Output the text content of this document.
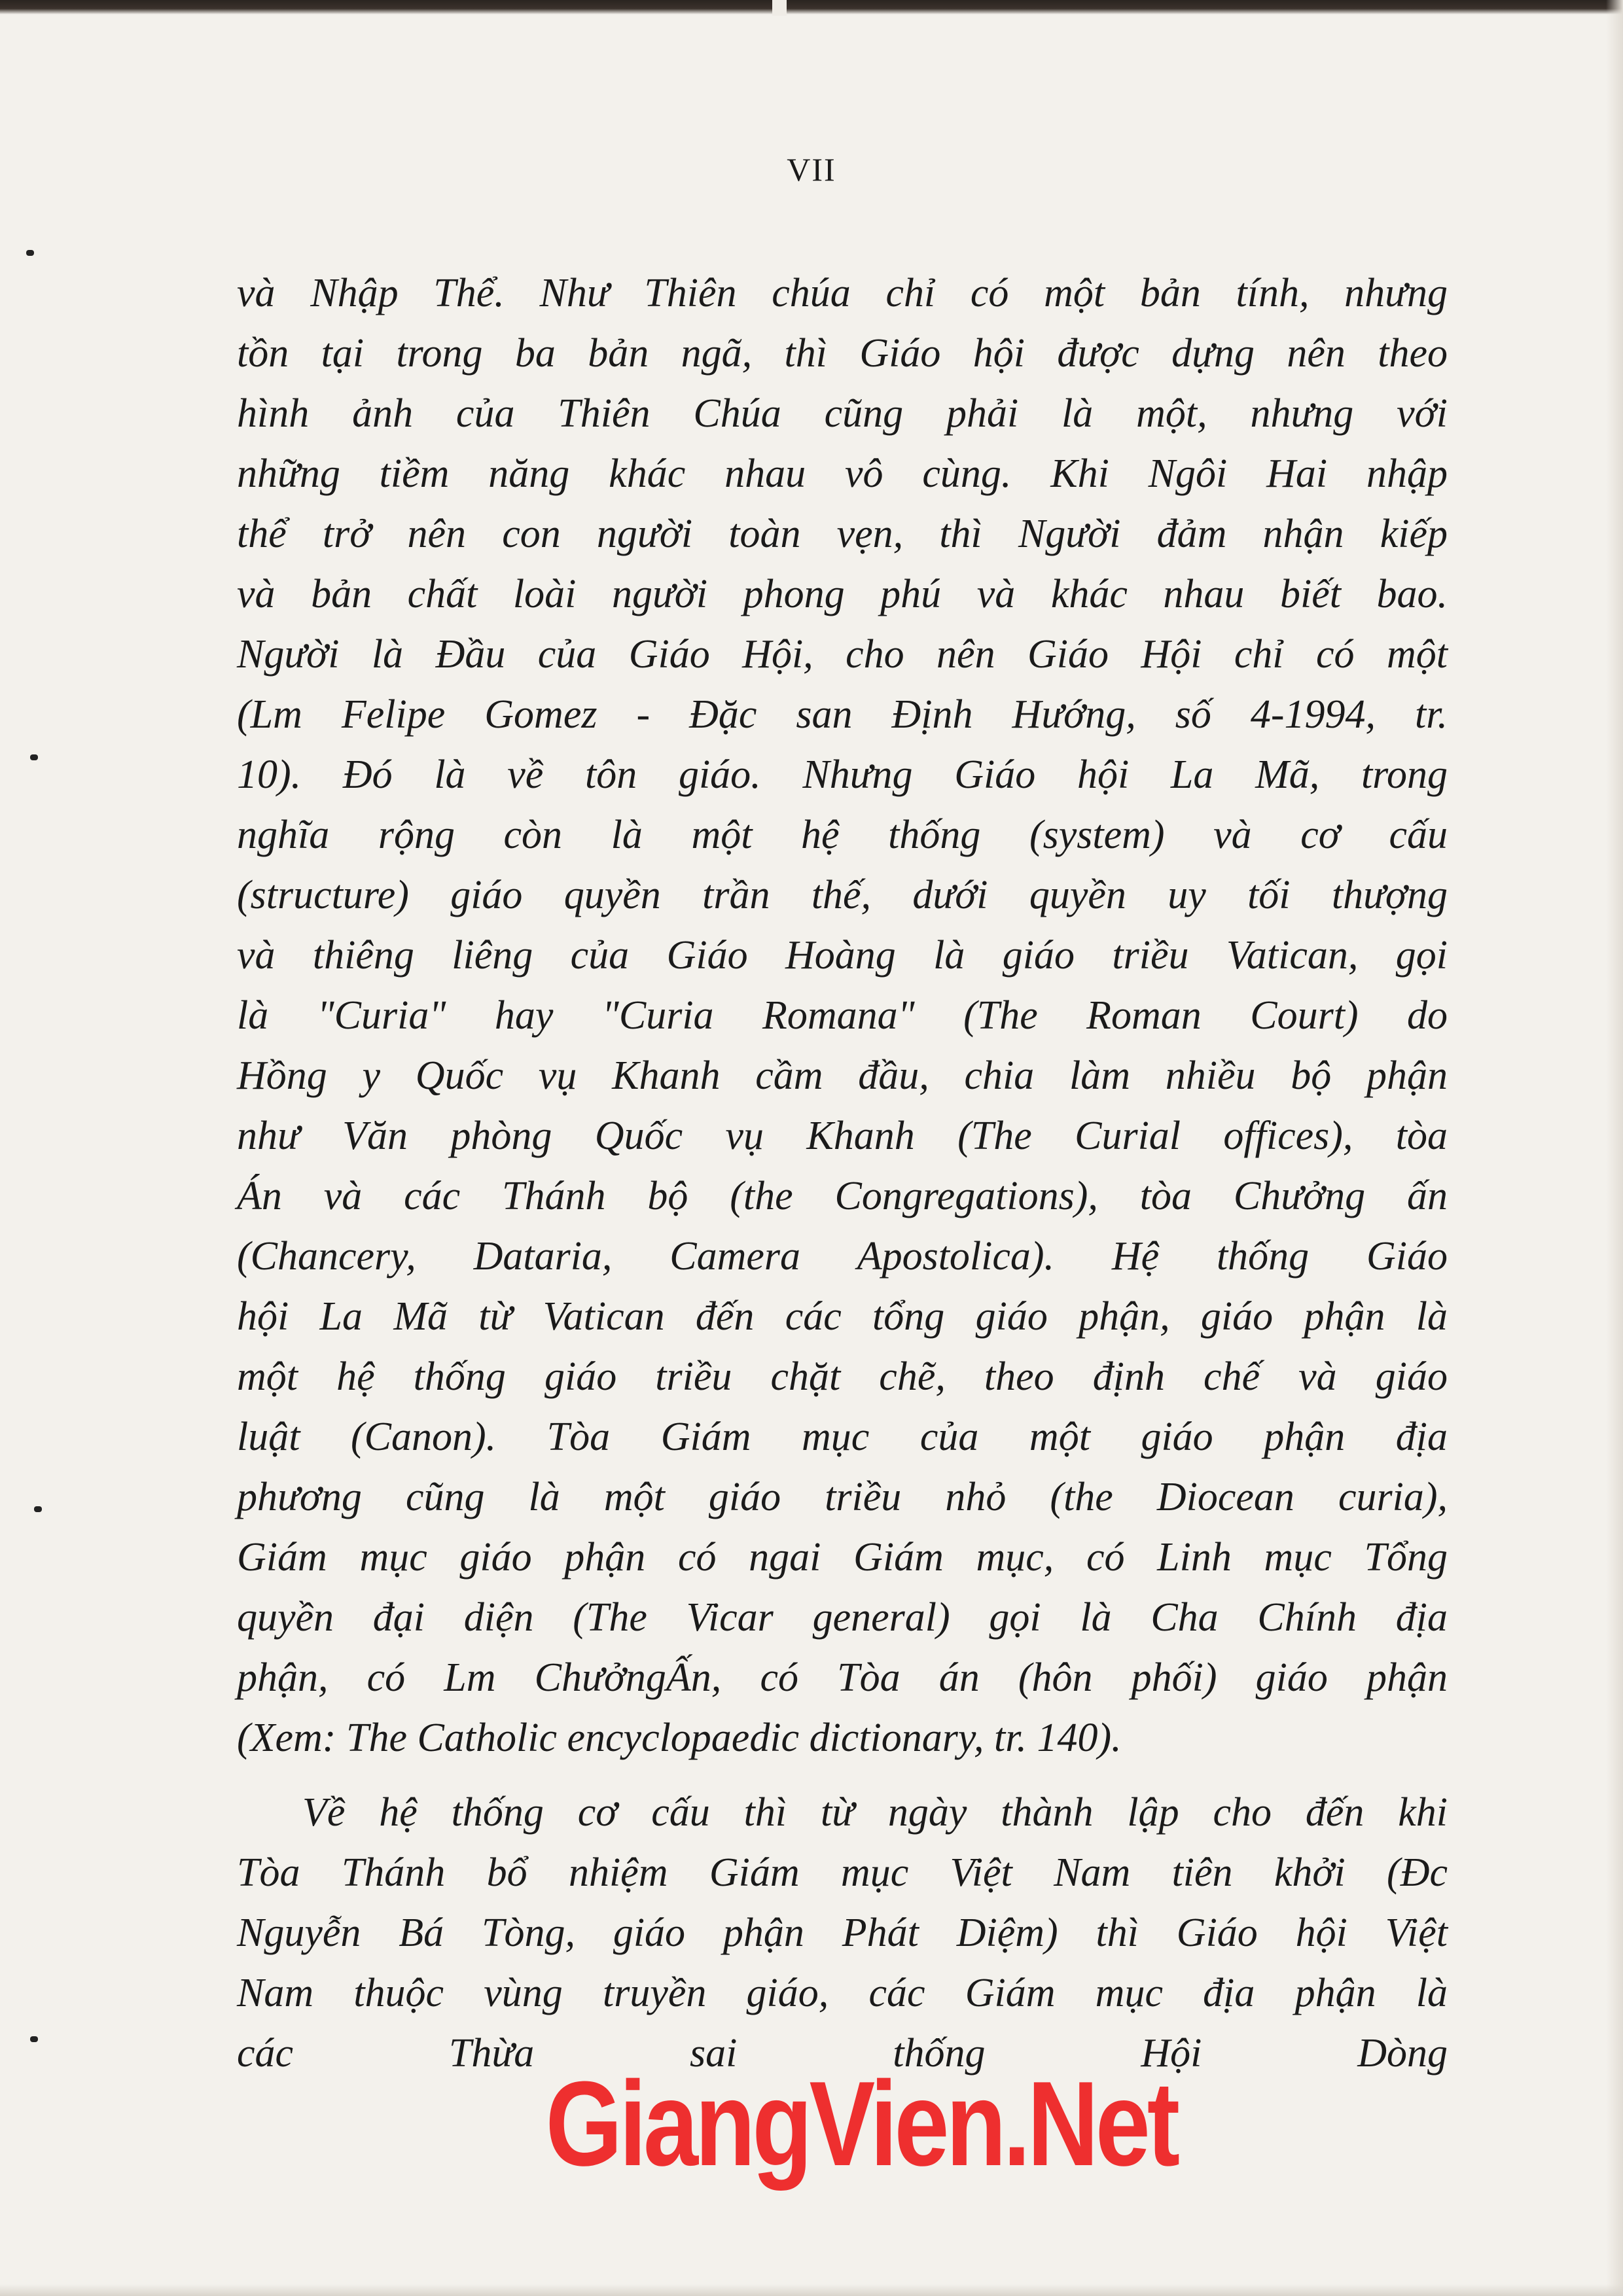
VII
và Nhập Thể. Như Thiên chúa chỉ có một bản tính, nhưng
tồn tại trong ba bản ngã, thì Giáo hội được dựng nên theo
hình ảnh của Thiên Chúa cũng phải là một, nhưng với
những tiềm năng khác nhau vô cùng. Khi Ngôi Hai nhập
thể trở nên con người toàn vẹn, thì Người đảm nhận kiếp
và bản chất loài người phong phú và khác nhau biết bao.
Người là Đầu của Giáo Hội, cho nên Giáo Hội chỉ có một
(Lm Felipe Gomez - Đặc san Định Hướng, số 4-1994, tr.
10). Đó là về tôn giáo. Nhưng Giáo hội La Mã, trong
nghĩa rộng còn là một hệ thống (system) và cơ cấu
(structure) giáo quyền trần thế, dưới quyền uy tối thượng
và thiêng liêng của Giáo Hoàng là giáo triều Vatican, gọi
là "Curia" hay "Curia Romana" (The Roman Court) do
Hồng y Quốc vụ Khanh cầm đầu, chia làm nhiều bộ phận
như Văn phòng Quốc vụ Khanh (The Curial offices), tòa
Án và các Thánh bộ (the Congregations), tòa Chưởng ấn
(Chancery, Dataria, Camera Apostolica). Hệ thống Giáo
hội La Mã từ Vatican đến các tổng giáo phận, giáo phận là
một hệ thống giáo triều chặt chẽ, theo định chế và giáo
luật (Canon). Tòa Giám mục của một giáo phận địa
phương cũng là một giáo triều nhỏ (the Diocean curia),
Giám mục giáo phận có ngai Giám mục, có Linh mục Tổng
quyền đại diện (The Vicar general) gọi là Cha Chính địa
phận, có Lm ChưởngẤn, có Tòa án (hôn phối) giáo phận
(Xem: The Catholic encyclopaedic dictionary, tr. 140).
Về hệ thống cơ cấu thì từ ngày thành lập cho đến khi
Tòa Thánh bổ nhiệm Giám mục Việt Nam tiên khởi (Đc
Nguyễn Bá Tòng, giáo phận Phát Diệm) thì Giáo hội Việt
Nam thuộc vùng truyền giáo, các Giám mục địa phận là
các Thừa sai thống Hội Dòng
GiangVien.Net
